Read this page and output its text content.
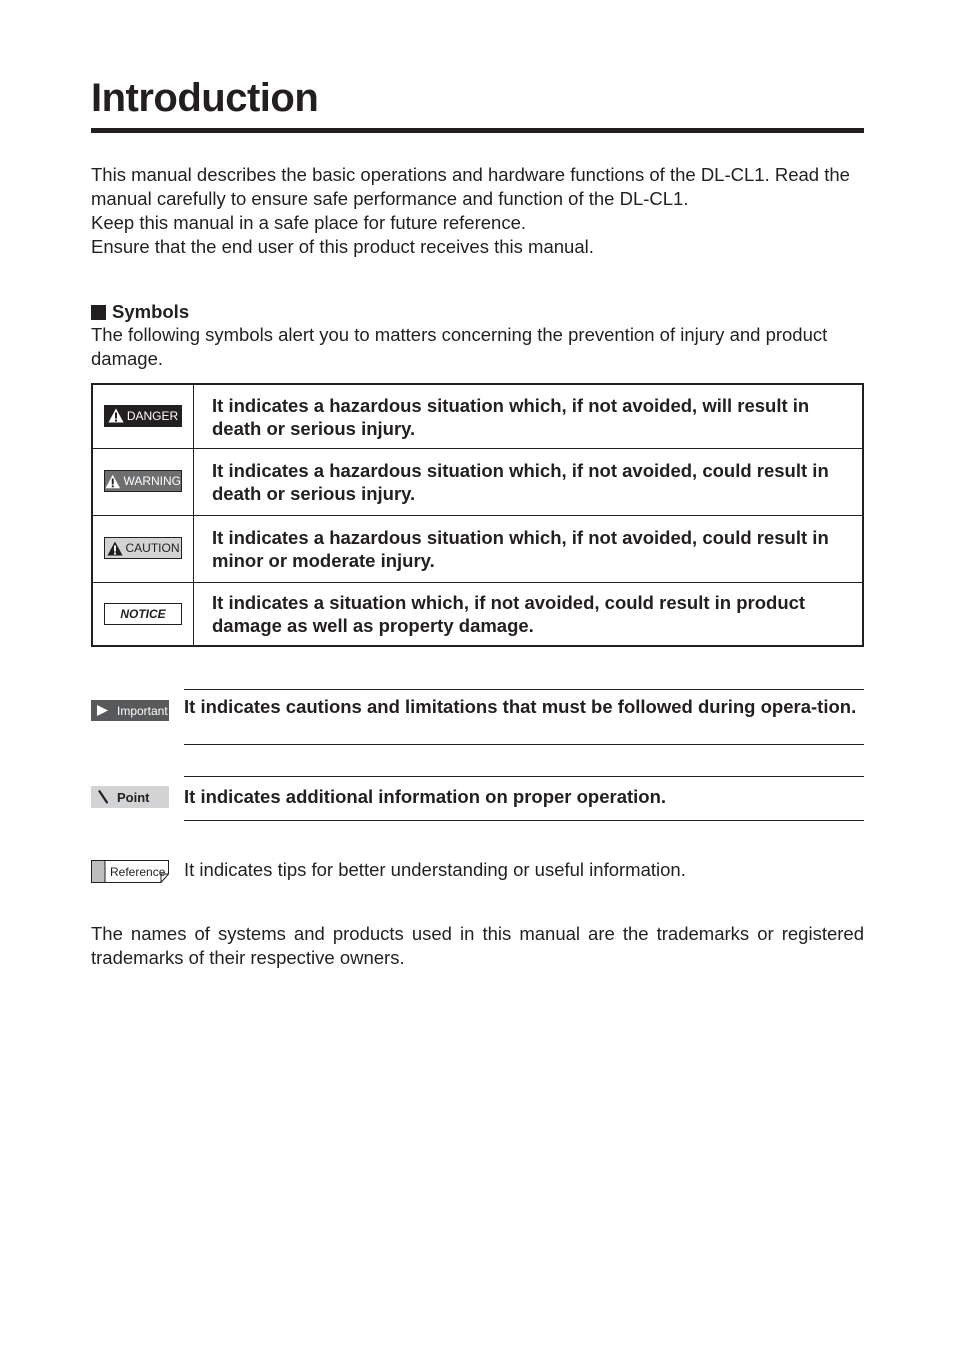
Introduction

This manual describes the basic operations and hardware functions of the DL-CL1. Read the manual carefully to ensure safe performance and function of the DL-CL1.

Keep this manual in a safe place for future reference.

Ensure that the end user of this product receives this manual.

Symbols

The following symbols alert you to matters concerning the prevention of injury and product damage.

DANGER	It indicates a hazardous situation which, if not avoided, will result in death or serious injury.

WARNING	It indicates a hazardous situation which, if not avoided, could result in death or serious injury.

CAUTION	It indicates a hazardous situation which, if not avoided, could result in minor or moderate injury.

NOTICE	It indicates a situation which, if not avoided, could result in product damage as well as property damage.
Important It indicates cautions and limitations that must be followed during opera-tion.
Point It indicates additional information on proper operation.
Reference It indicates tips for better understanding or useful information.

The names of systems and products used in this manual are the trademarks or registered trademarks of their respective owners.
